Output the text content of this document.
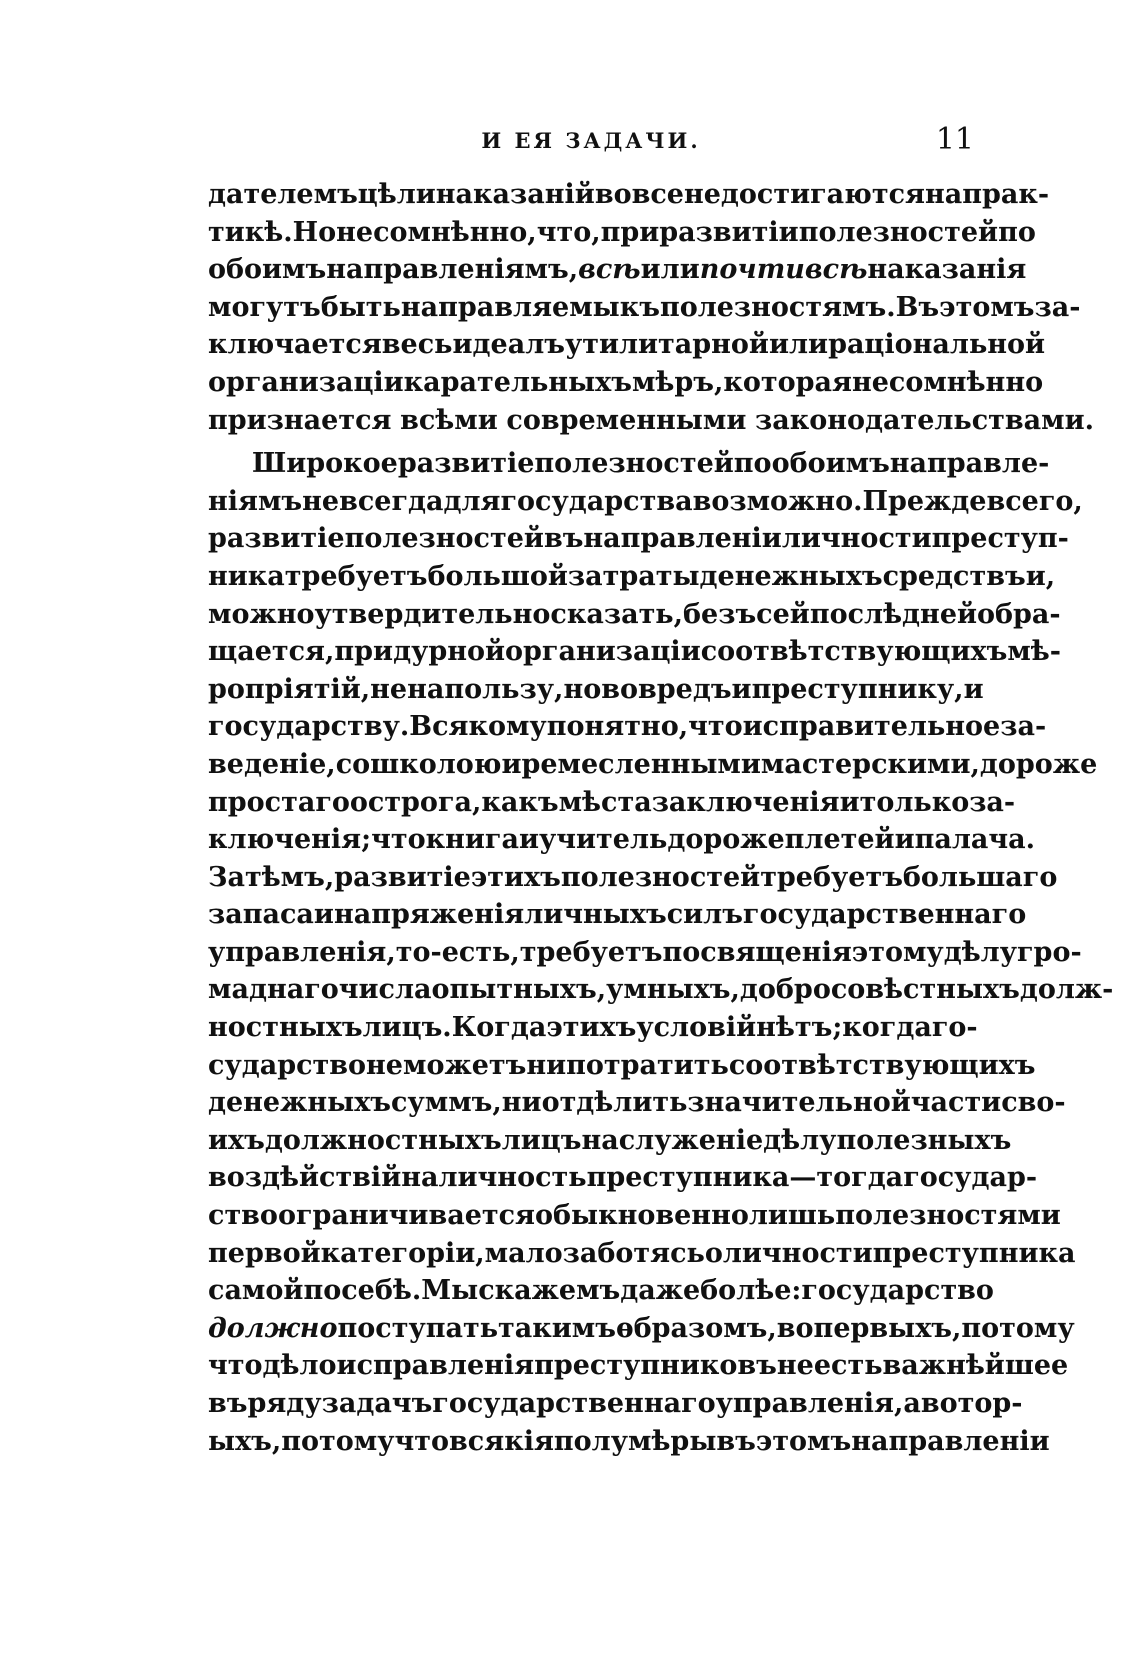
И ЕЯ ЗАДАЧИ.	11
дателемъ цѣли наказаній вовсе не достигаются на прак-
тикѣ. Но несомнѣнно, что, при развитіи полезностей по
обоимъ направленіямъ,всѣ илипочти всѣ наказанія
могутъ быть направляемы къ полезностямъ. Въ этомъ за-
ключается весь идеалъ утилитарной или раціональной
организаціи карательныхъ мѣръ, которая несомнѣнно
признается всѣми современными законодательствами.
Широкое развитіе полезностей по обоимъ направле-
ніямъ не всегда для государства возможно. Прежде всего,
развитіе полезностей въ направленіи личности преступ-
ника требуетъ большой затраты денежныхъ средствъ и,
можно утвердительно сказать, безъ сей послѣдней обра-
щается, при дурной организаціи соотвѣтствующихъ мѣ-
ропріятій, не на пользу, но во вредъ и преступнику, и
государству. Всякому понятно, что исправительное за-
веденіе, со школою и ремесленными мастерскими, дороже
простаго острога, какъ мѣста заключенія и только за-
ключенія; что книга и учитель дороже плетей и палача.
Затѣмъ, развитіе этихъ полезностей требуетъ большаго
запаса и напряженія личныхъ силъ государственнаго
управленія, то-есть, требуетъ посвященія этому дѣлу гро-
маднаго числа опытныхъ, умныхъ, добросовѣстныхъ долж-
ностныхъ лицъ. Когда этихъ условій нѣтъ; когда го-
сударство не можетъ ни потратить соотвѣтствующихъ
денежныхъ суммъ, ни отдѣлить значительной части сво-
ихъ должностныхъ лицъ на служеніе дѣлу полезныхъ
воздѣйствій на личность преступника — тогда государ-
ство ограничивается обыкновенно лишь полезностями
первой категоріи, мало заботясь о личности преступника
самой по себѣ. Мы скажемъ даже болѣе: государство
должно поступать такимъ ѳбразомъ, вопервыхъ, потому
что дѣло исправленія преступниковъ не есть важнѣйшее
въ ряду задачъ государственнаго управленія, а вотор-
ыхъ, потому что всякія полумѣры въ этомъ направленіи
